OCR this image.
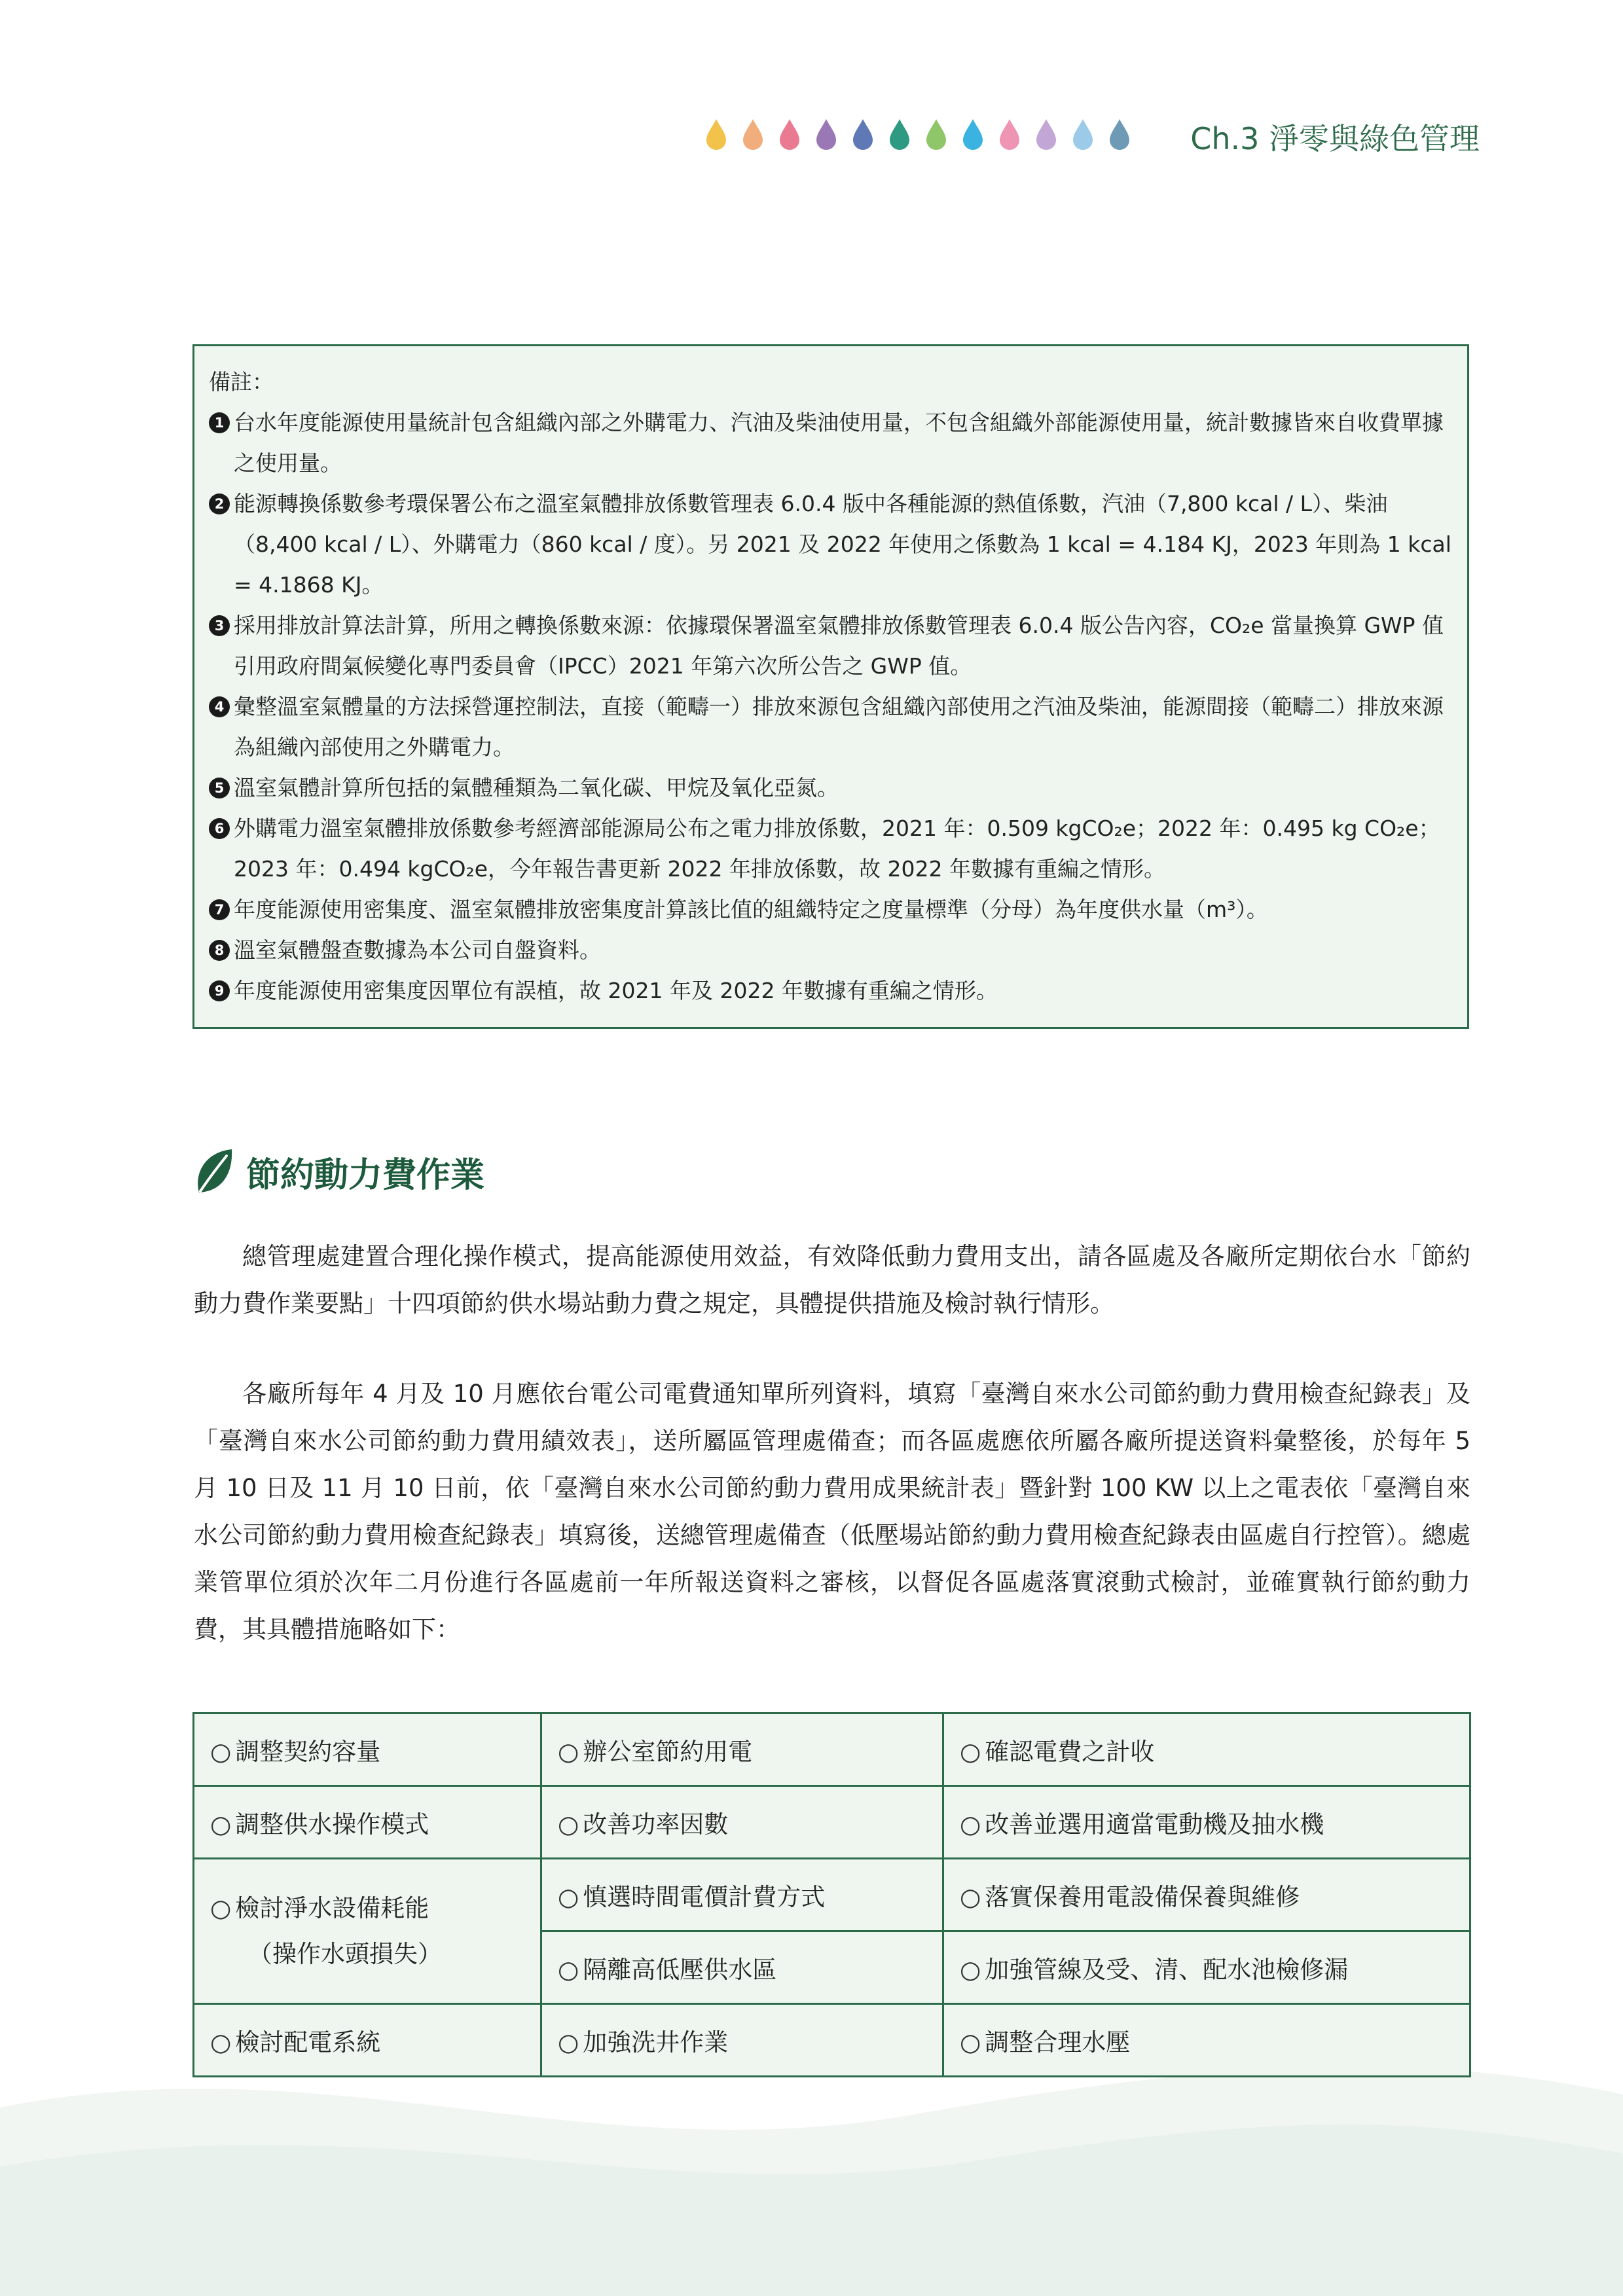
Ch.3 淨零與綠色管理
備註：
1 台水年度能源使用量統計包含組織內部之外購電力、汽油及柴油使用量，不包含組織外部能源使用量，統計數據皆來自收費單據之使用量。
2 能源轉換係數參考環保署公布之溫室氣體排放係數管理表 6.0.4 版中各種能源的熱值係數，汽油（7,800 kcal / L）、柴油（8,400 kcal / L）、外購電力（860 kcal / 度）。另 2021 及 2022 年使用之係數為 1 kcal = 4.184 KJ，2023 年則為 1 kcal = 4.1868 KJ。
3 採用排放計算法計算，所用之轉換係數來源：依據環保署溫室氣體排放係數管理表 6.0.4 版公告內容，CO₂e 當量換算 GWP 值引用政府間氣候變化專門委員會（IPCC）2021 年第六次所公告之 GWP 值。
4 彙整溫室氣體量的方法採營運控制法，直接（範疇一）排放來源包含組織內部使用之汽油及柴油，能源間接（範疇二）排放來源為組織內部使用之外購電力。
5 溫室氣體計算所包括的氣體種類為二氧化碳、甲烷及氧化亞氮。
6 外購電力溫室氣體排放係數參考經濟部能源局公布之電力排放係數，2021 年：0.509 kgCO₂e；2022 年：0.495 kg CO₂e；2023 年：0.494 kgCO₂e，今年報告書更新 2022 年排放係數，故 2022 年數據有重編之情形。
7 年度能源使用密集度、溫室氣體排放密集度計算該比值的組織特定之度量標準（分母）為年度供水量（m³）。
8 溫室氣體盤查數據為本公司自盤資料。
9 年度能源使用密集度因單位有誤植，故 2021 年及 2022 年數據有重編之情形。
節約動力費作業

總管理處建置合理化操作模式，提高能源使用效益，有效降低動力費用支出，請各區處及各廠所定期依台水「節約動力費作業要點」十四項節約供水場站動力費之規定，具體提供措施及檢討執行情形。

各廠所每年 4 月及 10 月應依台電公司電費通知單所列資料，填寫「臺灣自來水公司節約動力費用檢查紀錄表」及「臺灣自來水公司節約動力費用績效表」，送所屬區管理處備查；而各區處應依所屬各廠所提送資料彙整後，於每年 5 月 10 日及 11 月 10 日前，依「臺灣自來水公司節約動力費用成果統計表」暨針對 100 KW 以上之電表依「臺灣自來水公司節約動力費用檢查紀錄表」填寫後，送總管理處備查（低壓場站節約動力費用檢查紀錄表由區處自行控管）。總處業管單位須於次年二月份進行各區處前一年所報送資料之審核，以督促各區處落實滾動式檢討，並確實執行節約動力費，其具體措施略如下：

○ 調整契約容量	○ 辦公室節約用電	○ 確認電費之計收
○ 調整供水操作模式	○ 改善功率因數	○ 改善並選用適當電動機及抽水機

○ 檢討淨水設備耗能
（操作水頭損失）	○ 慎選時間電價計費方式	○ 落實保養用電設備保養與維修
	○ 隔離高低壓供水區	○ 加強管線及受、清、配水池檢修漏
○ 檢討配電系統	○ 加強洗井作業	○ 調整合理水壓
